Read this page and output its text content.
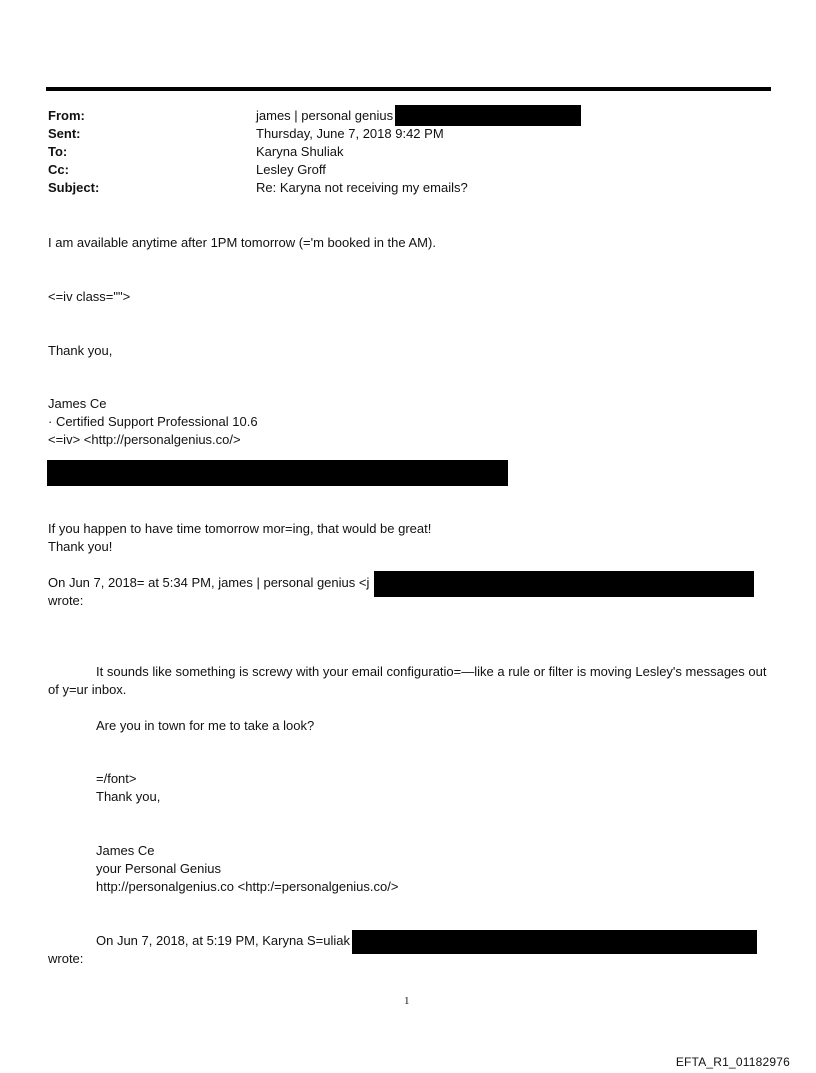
From:	james | personal genius
Sent:	Thursday, June 7, 2018 9:42 PM
To:	Karyna Shuliak
Cc:	Lesley Groff
Subject:	Re: Karyna not receiving my emails?
I am available anytime after 1PM tomorrow (='m booked in the AM).
<=iv class="">
Thank you,
James Ce
· Certified Support Professional 10.6
<=iv> <http://personalgenius.co/>
If you happen to have time tomorrow mor=ing, that would be great!
Thank you!
On Jun 7, 2018= at 5:34 PM, james | personal genius <j
wrote:
It sounds like something is screwy with your email configuratio=—like a rule or filter is moving Lesley's messages out of y=ur inbox.
Are you in town for me to take a look?
=/font>
Thank you,
James Ce
your Personal Genius
http://personalgenius.co <http:/=personalgenius.co/>
On Jun 7, 2018, at 5:19 PM, Karyna S=uliak
wrote:
1
EFTA_R1_01182976
